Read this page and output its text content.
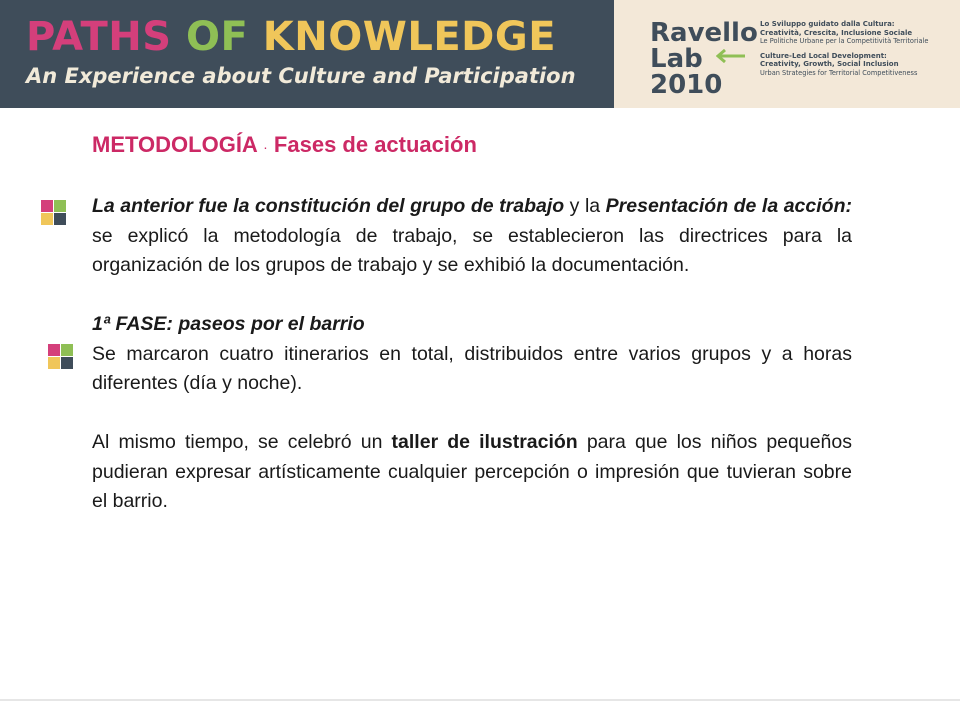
PATHS OF KNOWLEDGE
An Experience about Culture and Participation
Ravello
Lab
2010
Lo Sviluppo guidato dalla Cultura:
Creatività, Crescita, Inclusione Sociale
Le Politiche Urbane per la Competitività Territoriale
Culture-Led Local Development:
Creativity, Growth, Social Inclusion
Urban Strategies for Territorial Competitiveness
METODOLOGÍA · Fases de actuación

La anterior fue la constitución del grupo de trabajo y la Presentación de la acción: se explicó la metodología de trabajo, se establecieron las directrices para la organización de los grupos de trabajo y se exhibió la documentación.

1ª FASE: paseos por el barrio
Se marcaron cuatro itinerarios en total, distribuidos entre varios grupos y a horas diferentes (día y noche).

Al mismo tiempo, se celebró un taller de ilustración para que los niños pequeños pudieran expresar artísticamente cualquier percepción o impresión que tuvieran sobre el barrio.
